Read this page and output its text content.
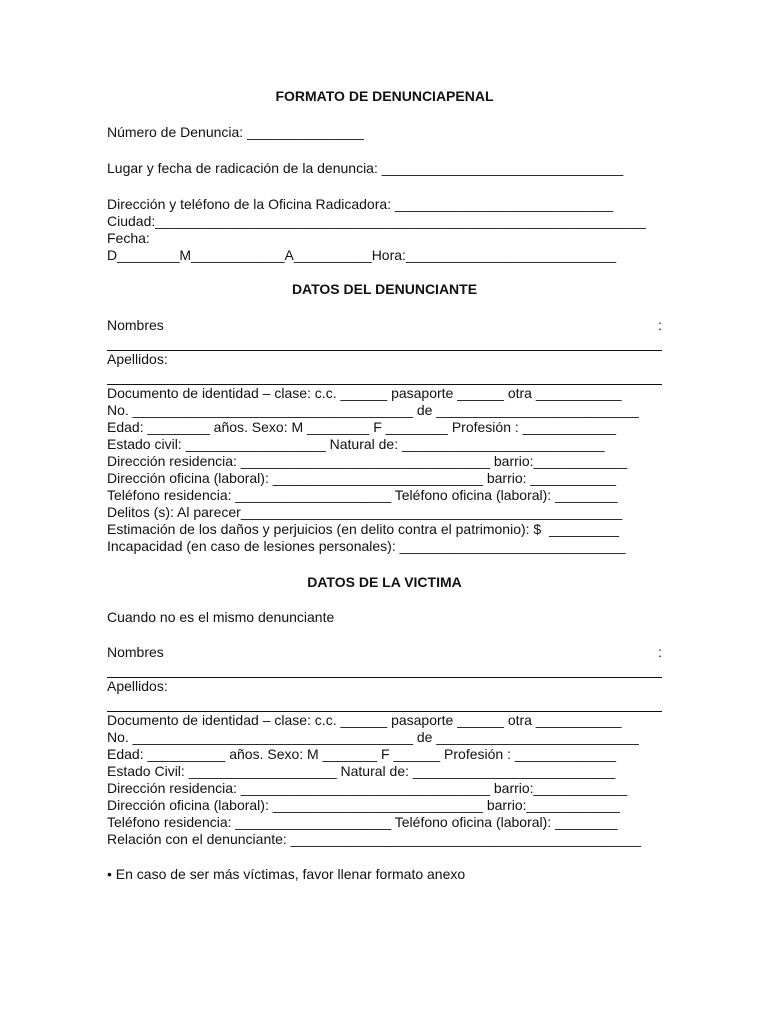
FORMATO DE DENUNCIAPENAL
Número de Denuncia: _______________
Lugar y fecha de radicación de la denuncia: _______________________________
Dirección y teléfono de la Oficina Radicadora: ____________________________
Ciudad:_______________________________________________________________
Fecha:
D________M____________A__________Hora:___________________________
DATOS DEL DENUNCIANTE
Nombres	:
Apellidos:
Documento de identidad – clase: c.c. ______ pasaporte ______ otra ___________
No. ____________________________________ de __________________________
Edad: ________ años. Sexo: M ________ F ________ Profesión : ____________
Estado civil: __________________ Natural de: __________________________
Dirección residencia: ________________________________ barrio:____________
Dirección oficina (laboral): ___________________________ barrio: ___________
Teléfono residencia: ____________________ Teléfono oficina (laboral): ________
Delitos (s): Al parecer_________________________________________________
Estimación de los daños y perjuicios (en delito contra el patrimonio): $  _________
Incapacidad (en caso de lesiones personales): _____________________________
DATOS DE LA VICTIMA
Cuando no es el mismo denunciante
Nombres	:
Apellidos:
Documento de identidad – clase: c.c. ______ pasaporte ______ otra ___________
No. ____________________________________ de __________________________
Edad: __________ años. Sexo: M _______ F ______ Profesión : _____________
Estado Civil: ___________________ Natural de: __________________________
Dirección residencia: ________________________________ barrio:____________
Dirección oficina (laboral): ___________________________ barrio:____________
Teléfono residencia: ____________________ Teléfono oficina (laboral): ________
Relación con el denunciante: _____________________________________________
• En caso de ser más víctimas, favor llenar formato anexo
